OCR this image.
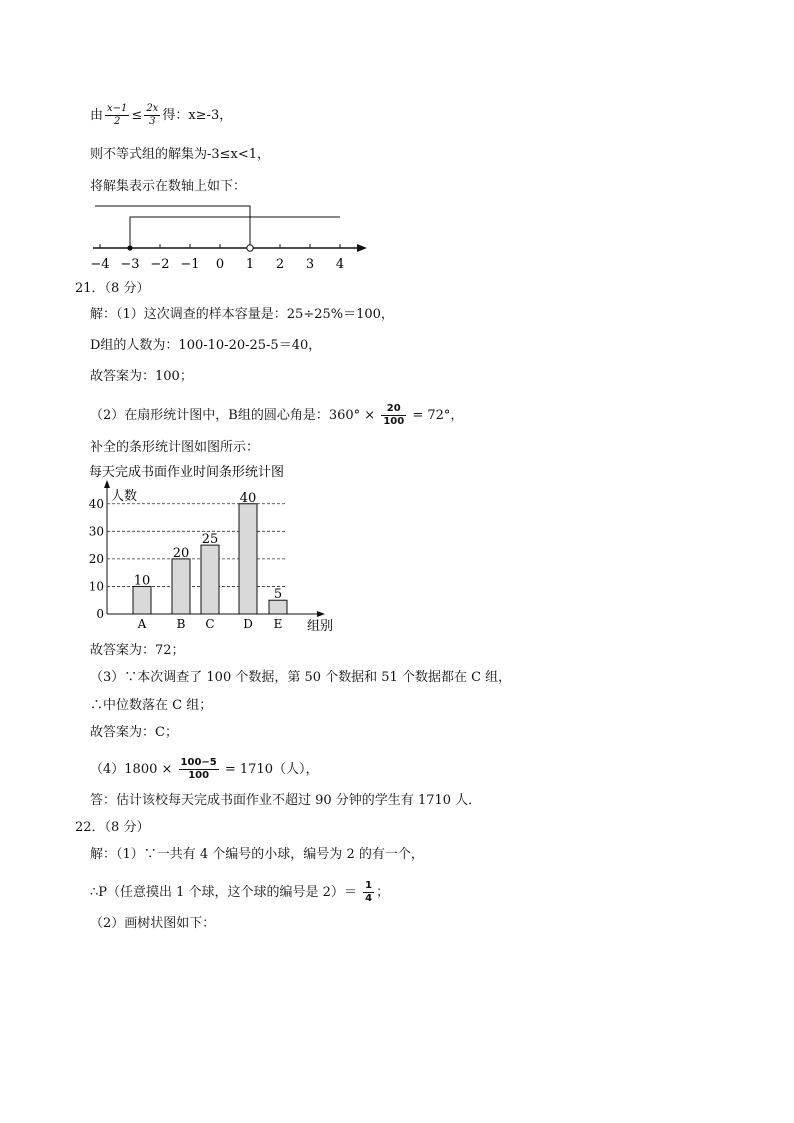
由 $\frac{x-1}{2} \le \frac{2x}{3}$ 得：x≥-3，
则不等式组的解集为-3≤x<1，
将解集表示在数轴上如下：
−4 −3 −2 −1 0 1 2 3 4
21．（8 分）
解：（1）这次调查的样本容量是：25÷25%＝100，
D组的人数为：100-10-20-25-5＝40，
故答案为：100；
（2）在扇形统计图中，B组的圆心角是：$360^\circ \times \frac{20}{100} = 72^\circ$，
补全的条形统计图如图所示：
每天完成书面作业时间条形统计图
人数
组别
0
10
20
30
40
10
A
20
B
25
C
40
D
5
E
故答案为：72；
（3）∵本次调查了 100 个数据，第 50 个数据和 51 个数据都在 C 组，
∴中位数落在 C 组；
故答案为：C；
$(4)1800 \times \frac{100-5}{100} = 1710$（人），
答：估计该校每天完成书面作业不超过 90 分钟的学生有 1710 人．
22．（8 分）
解：（1）∵一共有 4 个编号的小球，编号为 2 的有一个，
∴P（任意摸出 1 个球，这个球的编号是 $2)= \frac{1}{4}$ ；
（2）画树状图如下：
